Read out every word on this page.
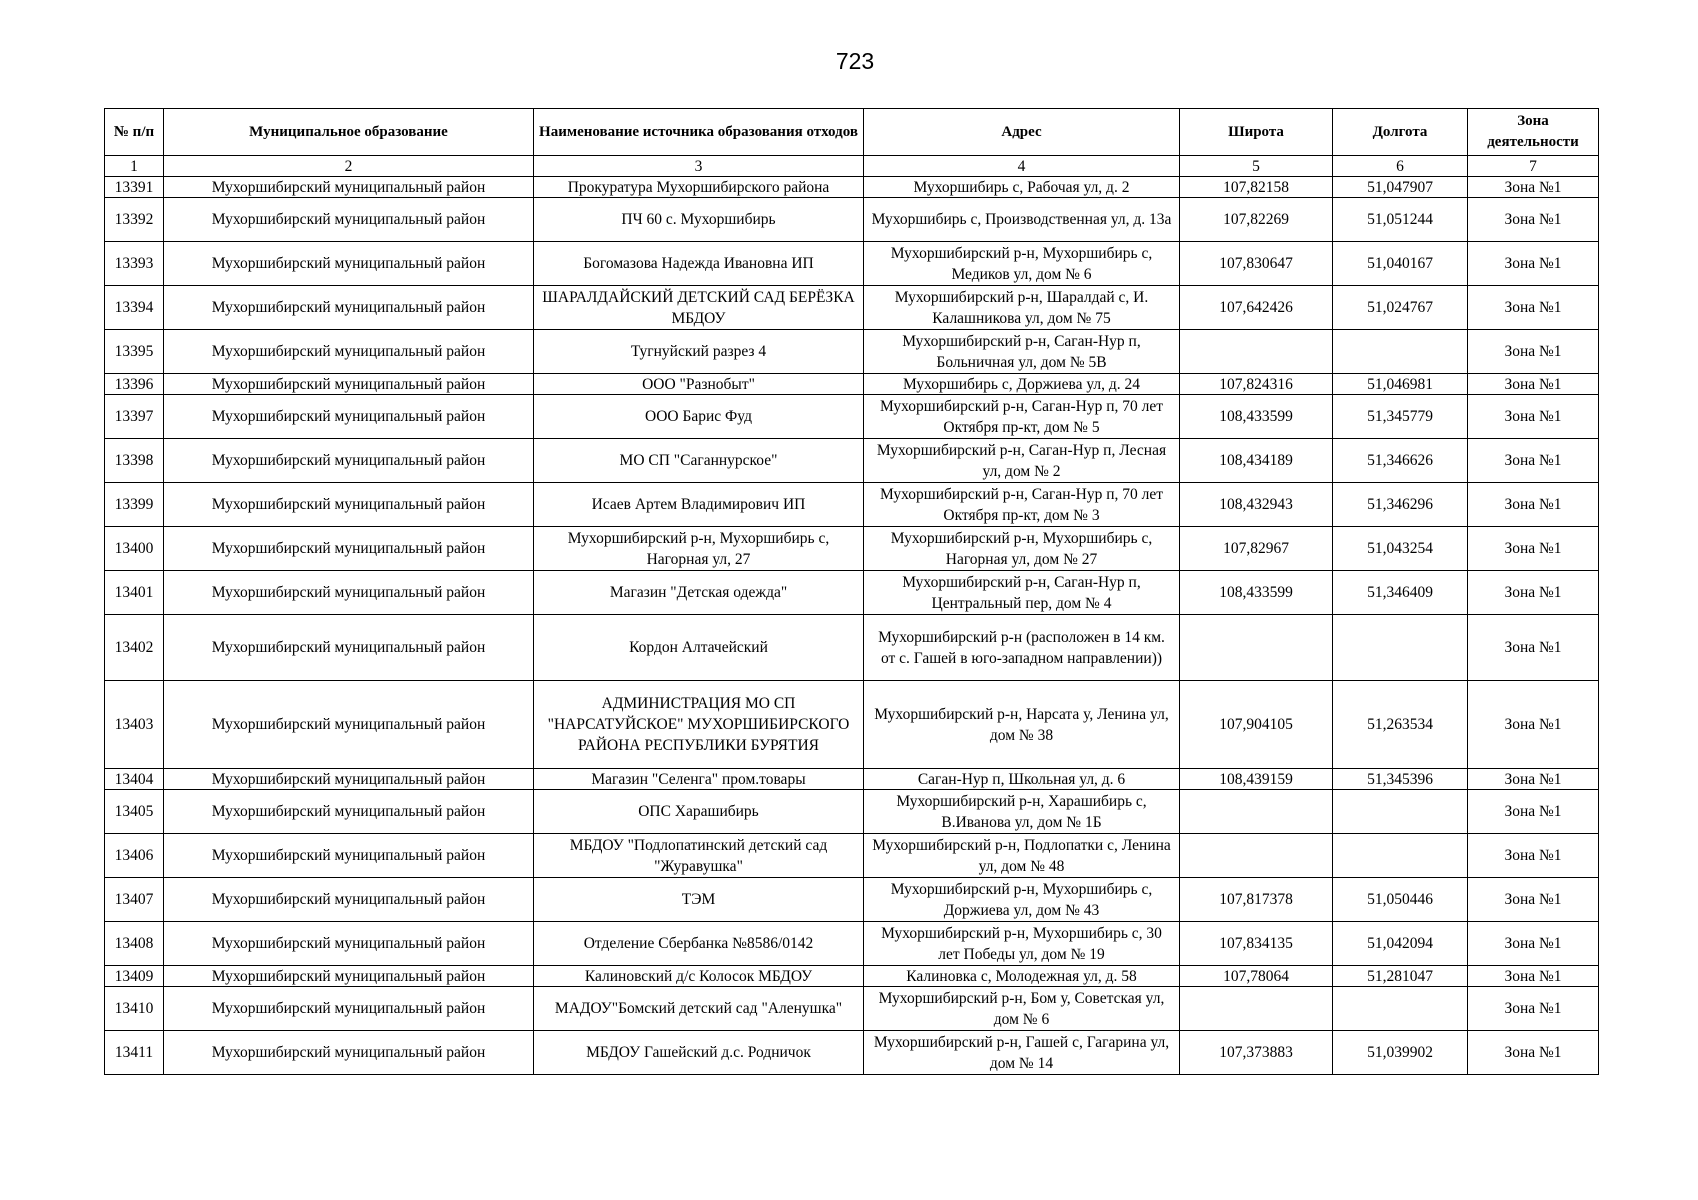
723
№ п/п	Муниципальное образование	Наименование источника образования отходов	Адрес	Широта	Долгота	Зона деятельности
1	2	3	4	5	6	7
13391	Мухоршибирский муниципальный район	Прокуратура Мухоршибирского района	Мухоршибирь с, Рабочая ул, д. 2	107,82158	51,047907	Зона №1
13392	Мухоршибирский муниципальный район	ПЧ 60 с. Мухоршибирь	Мухоршибирь с, Производственная ул, д. 13а	107,82269	51,051244	Зона №1
13393	Мухоршибирский муниципальный район	Богомазова Надежда Ивановна ИП	Мухоршибирский р-н, Мухоршибирь с, Медиков ул, дом № 6	107,830647	51,040167	Зона №1
13394	Мухоршибирский муниципальный район	ШАРАЛДАЙСКИЙ ДЕТСКИЙ САД БЕРЁЗКА МБДОУ	Мухоршибирский р-н, Шаралдай с, И. Калашникова ул, дом № 75	107,642426	51,024767	Зона №1
13395	Мухоршибирский муниципальный район	Тугнуйский разрез 4	Мухоршибирский р-н, Саган-Нур п, Больничная ул, дом № 5В			Зона №1
13396	Мухоршибирский муниципальный район	ООО "Разнобыт"	Мухоршибирь с, Доржиева ул, д. 24	107,824316	51,046981	Зона №1
13397	Мухоршибирский муниципальный район	ООО Барис Фуд	Мухоршибирский р-н, Саган-Нур п, 70 лет Октября пр-кт, дом № 5	108,433599	51,345779	Зона №1
13398	Мухоршибирский муниципальный район	МО СП "Саганнурское"	Мухоршибирский р-н, Саган-Нур п, Лесная ул, дом № 2	108,434189	51,346626	Зона №1
13399	Мухоршибирский муниципальный район	Исаев Артем Владимирович ИП	Мухоршибирский р-н, Саган-Нур п, 70 лет Октября пр-кт, дом № 3	108,432943	51,346296	Зона №1
13400	Мухоршибирский муниципальный район	Мухоршибирский р-н, Мухоршибирь с, Нагорная ул, 27	Мухоршибирский р-н, Мухоршибирь с, Нагорная ул, дом № 27	107,82967	51,043254	Зона №1
13401	Мухоршибирский муниципальный район	Магазин "Детская одежда"	Мухоршибирский р-н, Саган-Нур п, Центральный пер, дом № 4	108,433599	51,346409	Зона №1
13402	Мухоршибирский муниципальный район	Кордон Алтачейский	Мухоршибирский р-н (расположен в 14 км. от с. Гашей в юго-западном направлении))			Зона №1
13403	Мухоршибирский муниципальный район	АДМИНИСТРАЦИЯ МО СП "НАРСАТУЙСКОЕ" МУХОРШИБИРСКОГО РАЙОНА РЕСПУБЛИКИ БУРЯТИЯ	Мухоршибирский р-н, Нарсата у, Ленина ул, дом № 38	107,904105	51,263534	Зона №1
13404	Мухоршибирский муниципальный район	Магазин "Селенга" пром.товары	Саган-Нур п, Школьная ул, д. 6	108,439159	51,345396	Зона №1
13405	Мухоршибирский муниципальный район	ОПС Харашибирь	Мухоршибирский р-н, Харашибирь с, В.Иванова ул, дом № 1Б			Зона №1
13406	Мухоршибирский муниципальный район	МБДОУ "Подлопатинский детский сад "Журавушка"	Мухоршибирский р-н, Подлопатки с, Ленина ул, дом № 48			Зона №1
13407	Мухоршибирский муниципальный район	ТЭМ	Мухоршибирский р-н, Мухоршибирь с, Доржиева ул, дом № 43	107,817378	51,050446	Зона №1
13408	Мухоршибирский муниципальный район	Отделение Сбербанка №8586/0142	Мухоршибирский р-н, Мухоршибирь с, 30 лет Победы ул, дом № 19	107,834135	51,042094	Зона №1
13409	Мухоршибирский муниципальный район	Калиновский д/с Колосок МБДОУ	Калиновка с, Молодежная ул, д. 58	107,78064	51,281047	Зона №1
13410	Мухоршибирский муниципальный район	МАДОУ"Бомский детский сад "Аленушка"	Мухоршибирский р-н, Бом у, Советская ул, дом № 6			Зона №1
13411	Мухоршибирский муниципальный район	МБДОУ Гашейский д.с. Родничок	Мухоршибирский р-н, Гашей с, Гагарина ул, дом № 14	107,373883	51,039902	Зона №1
